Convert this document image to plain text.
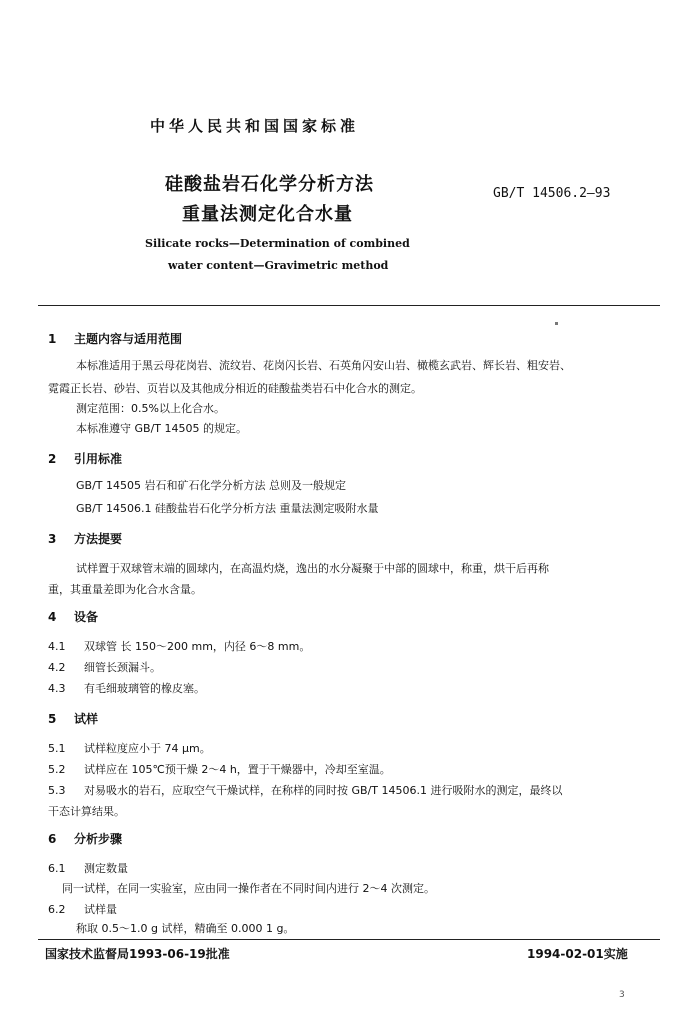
中华人民共和国国家标准
硅酸盐岩石化学分析方法
重量法测定化合水量
GB/T 14506.2—93
Silicate rocks—Determination of combined
water content—Gravimetric method
1 主题内容与适用范围
本标准适用于黑云母花岗岩、流纹岩、花岗闪长岩、石英角闪安山岩、橄榄玄武岩、辉长岩、粗安岩、
霓霞正长岩、砂岩、页岩以及其他成分相近的硅酸盐类岩石中化合水的测定。
测定范围：0.5%以上化合水。
本标准遵守 GB/T 14505 的规定。
2 引用标准
GB/T 14505 岩石和矿石化学分析方法 总则及一般规定
GB/T 14506.1 硅酸盐岩石化学分析方法 重量法测定吸附水量
3 方法提要
试样置于双球管末端的圆球内，在高温灼烧，逸出的水分凝聚于中部的圆球中，称重，烘干后再称
重，其重量差即为化合水含量。
4 设备
4.1 双球管 长 150～200 mm，内径 6～8 mm。
4.2 细管长颈漏斗。
4.3 有毛细玻璃管的橡皮塞。
5 试样
5.1 试样粒度应小于 74 μm。
5.2 试样应在 105℃预干燥 2～4 h，置于干燥器中，冷却至室温。
5.3 对易吸水的岩石，应取空气干燥试样，在称样的同时按 GB/T 14506.1 进行吸附水的测定，最终以
干态计算结果。
6 分析步骤
6.1 测定数量
同一试样，在同一实验室，应由同一操作者在不同时间内进行 2～4 次测定。
6.2 试样量
称取 0.5～1.0 g 试样，精确至 0.000 1 g。
国家技术监督局1993-06-19批准	1994-02-01实施
3
